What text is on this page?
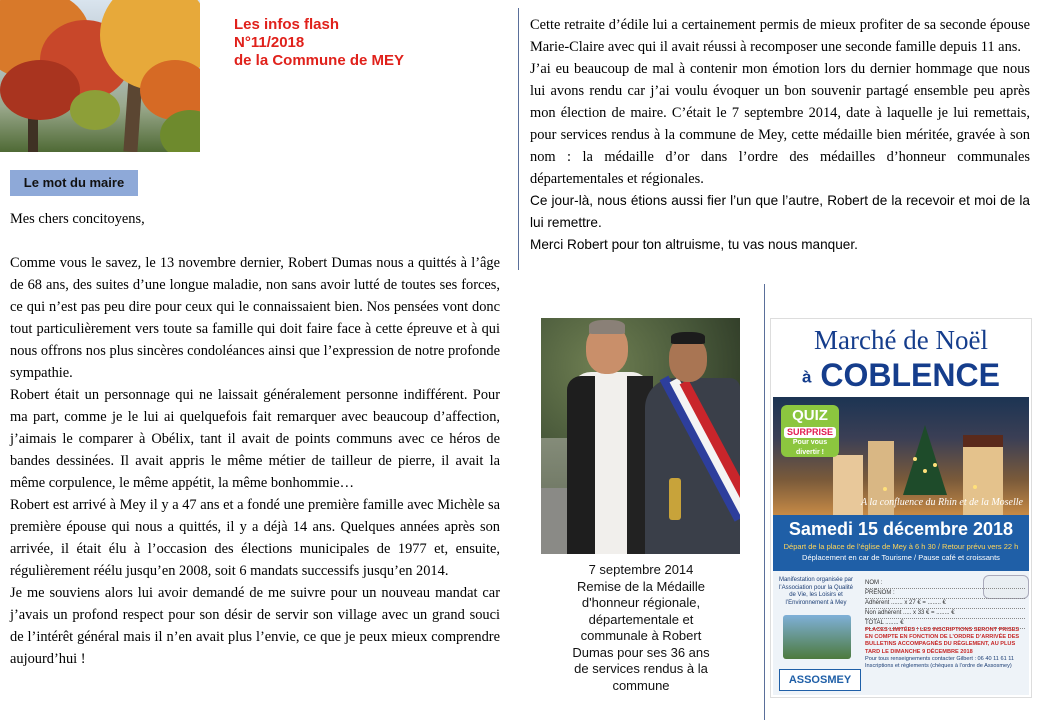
Les infos flash
N°11/2018
de la Commune de MEY
Le mot du maire

Mes chers concitoyens,

Comme vous le savez, le 13 novembre dernier, Robert Dumas nous a quittés à l’âge de 68 ans, des suites d’une longue maladie, non sans avoir lutté de toutes ses forces, ce qui n’est pas peu dire pour ceux qui le connaissaient bien. Nos pensées vont donc tout particulièrement vers toute sa famille qui doit faire face à cette épreuve et à qui nous offrons nos plus sincères condoléances ainsi que l’expression de notre profonde sympathie.

Robert était un personnage qui ne laissait généralement personne indifférent. Pour ma part, comme je le lui ai quelquefois fait remarquer avec beaucoup d’affection, j’aimais le comparer à Obélix, tant il avait de points communs avec ce héros de bandes dessinées. Il avait appris le même métier de tailleur de pierre, il avait la même corpulence, le même appétit, la même bonhommie…

Robert est arrivé à Mey il y a 47 ans et a fondé une première famille avec Michèle sa première épouse qui nous a quittés, il y a déjà 14 ans. Quelques années après son arrivée, il était élu à l’occasion des élections municipales de 1977 et, ensuite, régulièrement réélu jusqu’en 2008, soit 6 mandats successifs jusqu’en 2014.

Je me souviens alors lui avoir demandé de me suivre pour un nouveau mandat car j’avais un profond respect pour son désir de servir son village avec un grand souci de l’intérêt général mais il n’en avait plus l’envie, ce que je peux mieux comprendre aujourd’hui !

Cette retraite d’édile lui a certainement permis de mieux profiter de sa seconde épouse Marie-Claire avec qui il avait réussi à recomposer une seconde famille depuis 11 ans.

J’ai eu beaucoup de mal à contenir mon émotion lors du dernier hommage que nous lui avons rendu car j’ai voulu évoquer un bon souvenir partagé ensemble peu après mon élection de maire. C’était le 7 septembre 2014, date à laquelle je lui remettais, pour services rendus à la commune de Mey, cette médaille bien méritée, gravée à son nom : la médaille d’or dans l’ordre des médailles d’honneur communales départementales et régionales.

Ce jour-là, nous étions aussi fier l’un que l’autre, Robert de la recevoir et moi de la lui remettre.

Merci Robert pour ton altruisme, tu vas nous manquer.

7 septembre 2014
Remise de la Médaille
d'honneur régionale,
départementale et
communale à Robert
Dumas pour ses 36 ans
de services rendus à la
commune
Marché de Noël
à COBLENCE
QUIZ
SURPRISE
Pour vous divertir !
A la confluence du Rhin et de la Moselle
Samedi 15 décembre 2018
Départ de la place de l’église de Mey à 6 h 30 / Retour prévu vers 22 h
Déplacement en car de Tourisme / Pause café et croissants
Manifestation organisée par l’Association pour la Qualité de Vie, les Loisirs et l’Environnement à Mey
ASSOSMEY
NOM :
PRÉNOM :
Adhérent ....... x 27 € = ........ €
Non adhérent ..... x 33 € = ........ €
TOTAL ........ €
PLACES LIMITÉES ! LES INSCRIPTIONS SERONT PRISES EN COMPTE EN FONCTION DE L’ORDRE D’ARRIVÉE DES BULLETINS ACCOMPAGNÉS DU RÈGLEMENT, AU PLUS TARD LE DIMANCHE 9 DÉCEMBRE 2018
Pour tous renseignements contacter Gilbert : 06 40 11 61 11
Inscriptions et règlements (chèques à l’ordre de Assosmey)
